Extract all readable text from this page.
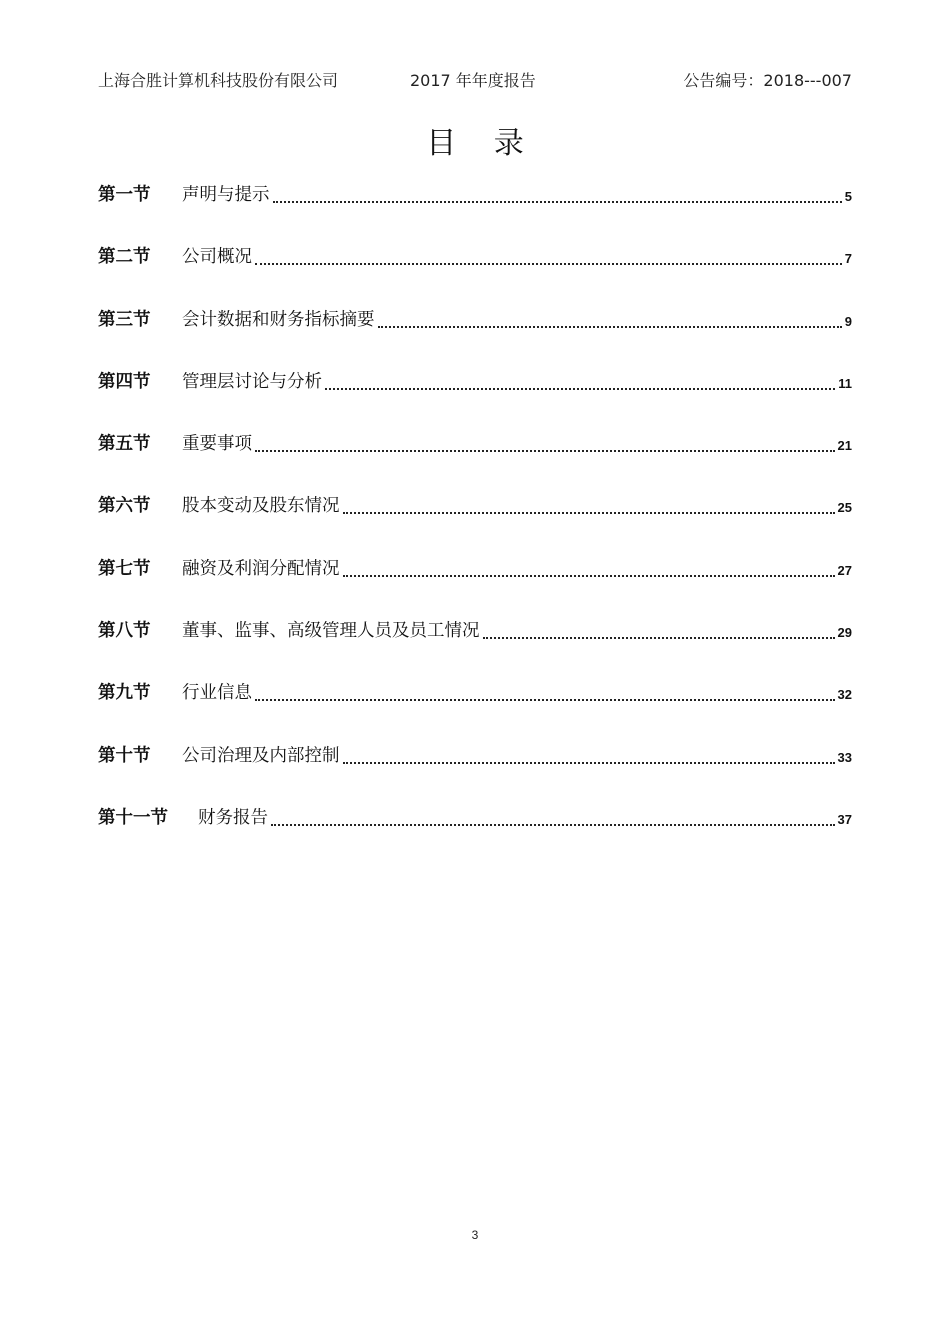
上海合胜计算机科技股份有限公司	2017 年年度报告	公告编号：2018---007
目 录
第一节	声明与提示	5
第二节	公司概况	7
第三节	会计数据和财务指标摘要	9
第四节	管理层讨论与分析	11
第五节	重要事项	21
第六节	股本变动及股东情况	25
第七节	融资及利润分配情况	27
第八节	董事、监事、高级管理人员及员工情况	29
第九节	行业信息	32
第十节	公司治理及内部控制	33
第十一节	财务报告	37
3
